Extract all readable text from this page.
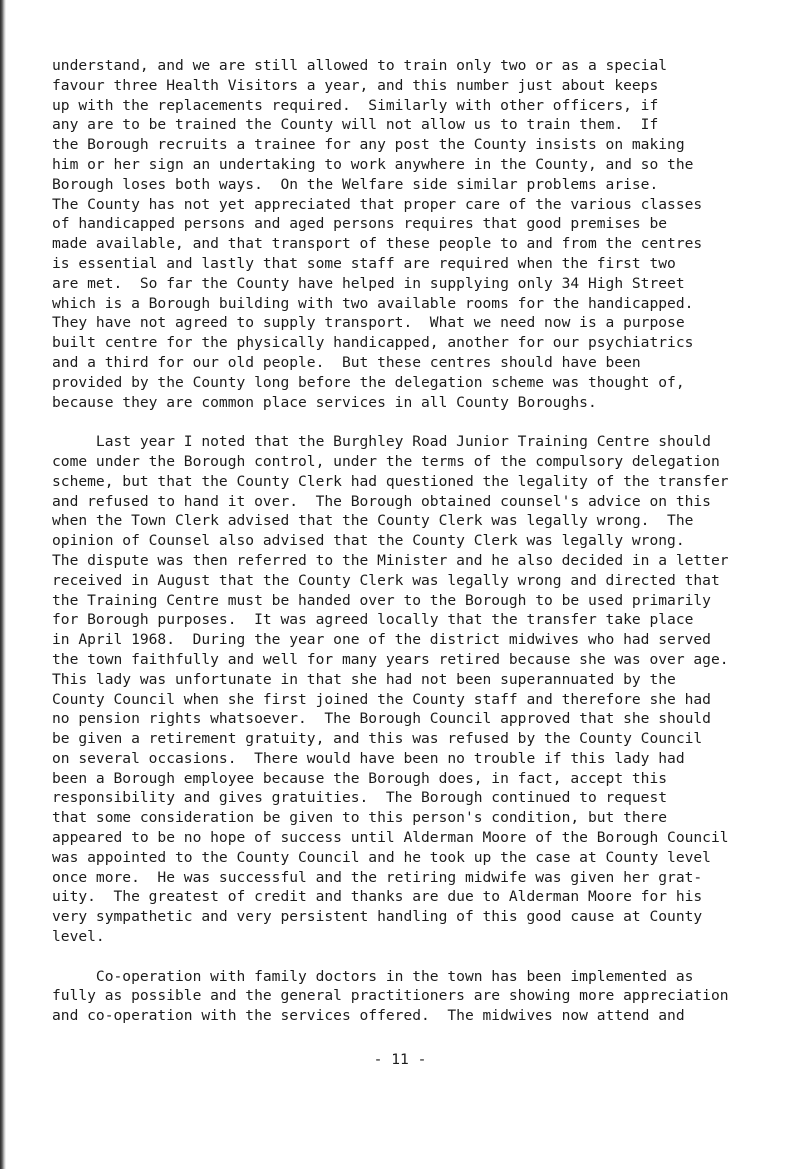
understand, and we are still allowed to train only two or as a special
favour three Health Visitors a year, and this number just about keeps
up with the replacements required.  Similarly with other officers, if
any are to be trained the County will not allow us to train them.  If
the Borough recruits a trainee for any post the County insists on making
him or her sign an undertaking to work anywhere in the County, and so the
Borough loses both ways.  On the Welfare side similar problems arise.
The County has not yet appreciated that proper care of the various classes
of handicapped persons and aged persons requires that good premises be
made available, and that transport of these people to and from the centres
is essential and lastly that some staff are required when the first two
are met.  So far the County have helped in supplying only 34 High Street
which is a Borough building with two available rooms for the handicapped.
They have not agreed to supply transport.  What we need now is a purpose
built centre for the physically handicapped, another for our psychiatrics
and a third for our old people.  But these centres should have been
provided by the County long before the delegation scheme was thought of,
because they are common place services in all County Boroughs.
Last year I noted that the Burghley Road Junior Training Centre should
come under the Borough control, under the terms of the compulsory delegation
scheme, but that the County Clerk had questioned the legality of the transfer
and refused to hand it over.  The Borough obtained counsel's advice on this
when the Town Clerk advised that the County Clerk was legally wrong.  The
opinion of Counsel also advised that the County Clerk was legally wrong.
The dispute was then referred to the Minister and he also decided in a letter
received in August that the County Clerk was legally wrong and directed that
the Training Centre must be handed over to the Borough to be used primarily
for Borough purposes.  It was agreed locally that the transfer take place
in April 1968.  During the year one of the district midwives who had served
the town faithfully and well for many years retired because she was over age.
This lady was unfortunate in that she had not been superannuated by the
County Council when she first joined the County staff and therefore she had
no pension rights whatsoever.  The Borough Council approved that she should
be given a retirement gratuity, and this was refused by the County Council
on several occasions.  There would have been no trouble if this lady had
been a Borough employee because the Borough does, in fact, accept this
responsibility and gives gratuities.  The Borough continued to request
that some consideration be given to this person's condition, but there
appeared to be no hope of success until Alderman Moore of the Borough Council
was appointed to the County Council and he took up the case at County level
once more.  He was successful and the retiring midwife was given her grat-
uity.  The greatest of credit and thanks are due to Alderman Moore for his
very sympathetic and very persistent handling of this good cause at County
level.
Co-operation with family doctors in the town has been implemented as
fully as possible and the general practitioners are showing more appreciation
and co-operation with the services offered.  The midwives now attend and
- 11 -
